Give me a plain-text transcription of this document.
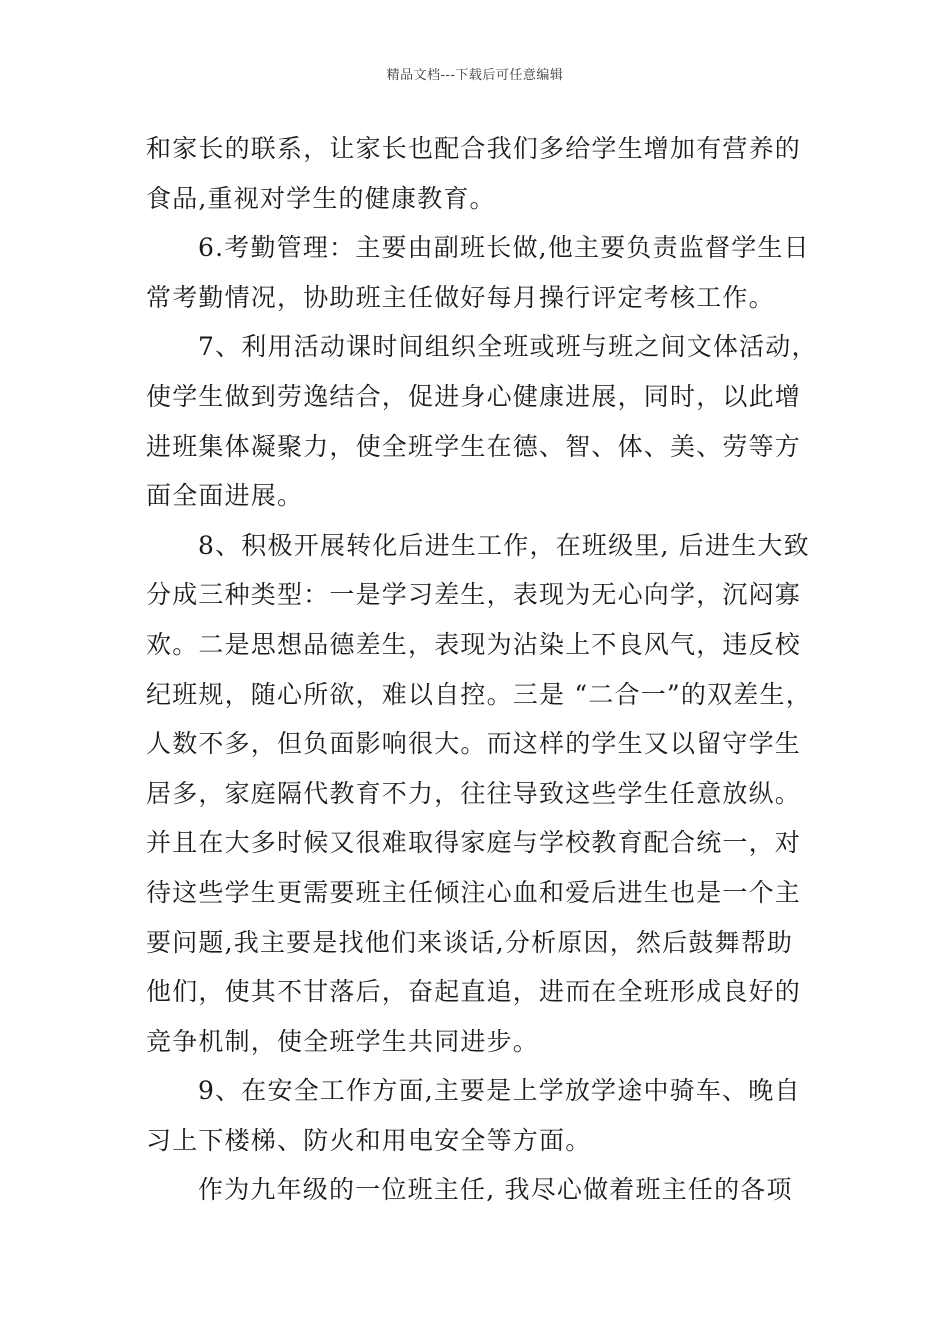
精品文档---下载后可任意编辑
和家长的联系，让家长也配合我们多给学生增加有营养的
食品,重视对学生的健康教育。
6.考勤管理：主要由副班长做,他主要负责监督学生日
常考勤情况，协助班主任做好每月操行评定考核工作。
7、利用活动课时间组织全班或班与班之间文体活动，
使学生做到劳逸结合，促进身心健康进展，同时，以此增
进班集体凝聚力，使全班学生在德、智、体、美、劳等方
面全面进展。
8、积极开展转化后进生工作，在班级里, 后进生大致
分成三种类型：一是学习差生，表现为无心向学，沉闷寡
欢。二是思想品德差生，表现为沾染上不良风气，违反校
纪班规，随心所欲，难以自控。三是 “二合一”的双差生，
人数不多，但负面影响很大。而这样的学生又以留守学生
居多，家庭隔代教育不力，往往导致这些学生任意放纵。
并且在大多时候又很难取得家庭与学校教育配合统一，对
待这些学生更需要班主任倾注心血和爱后进生也是一个主
要问题,我主要是找他们来谈话,分析原因，然后鼓舞帮助
他们，使其不甘落后，奋起直追，进而在全班形成良好的
竞争机制，使全班学生共同进步。
9、在安全工作方面,主要是上学放学途中骑车、晚自
习上下楼梯、防火和用电安全等方面。
作为九年级的一位班主任, 我尽心做着班主任的各项
